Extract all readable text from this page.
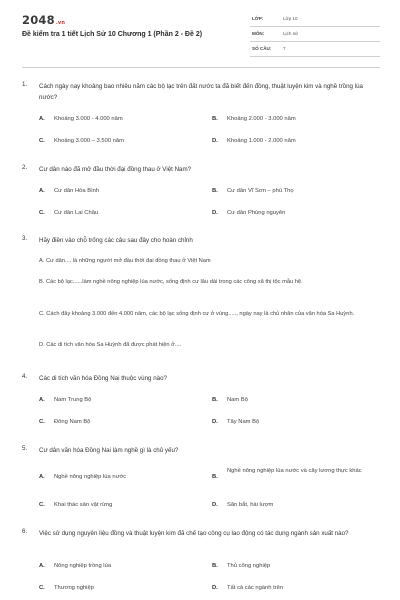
2048.vn
Đề kiểm tra 1 tiết Lịch Sử 10 Chương 1 (Phần 2 - Đề 2)
LỚP:	Lớp 10
MÔN:	Lịch sử
SỐ CÂU:	7
1. Cách ngày nay khoảng bao nhiêu năm các bộ lạc trên đất nước ta đã biết đến đồng, thuật luyện kim và nghề trồng lúa nước?
A. Khoảng 3.000 - 4.000 năm	B. Khoảng 2.000 - 3.000 năm
C. Khoảng 3.000 – 3.500 năm	D. Khoảng 1.000 - 2.000 năm
2. Cư dân nào đã mở đầu thời đại đồng thau ở Việt Nam?
A. Cư dân Hòa Bình	B. Cư dân Vĩ Sơn – phú Thọ
C. Cư dân Lai Châu	D. Cư dân Phùng nguyên
3. Hãy điền vào chỗ trống các câu sau đây cho hoàn chỉnh
A. Cư dân.... là những người mở đầu thời đại đồng thau ở Việt Nam
B. Các bộ lạc......làm nghề nông nghiệp lúa nước, sống định cư lâu dài trong các công xã thị tộc mẫu hệ.
C. Cách đây khoảng 3.000 đến 4.000 năm, các bộ lạc sống định cư ở vùng....., ngày nay là chủ nhân của văn hóa Sa Huỳnh.
D. Các di tích văn hóa Sa Huỳnh đã được phát hiện ở....
4. Các di tích văn hóa Đồng Nai thuộc vùng nào?
A. Nam Trung Bộ	B. Nam Bộ
C. Đông Nam Bộ	D. Tây Nam Bộ
5. Cư dân văn hóa Đồng Nai làm nghề gì là chủ yếu?
A. Nghề nông nghiệp lúa nước	B.
Nghề nông nghiệp lúa nước và cây lương thực khác
C. Khai thác sản vật rừng	D. Săn bắt, hái lượm
6. Việc sử dụng nguyên liệu đồng và thuật luyện kim đã chế tạo công cụ lao động có tác dụng ngành sản xuất nào?
A. Nông nghiệp trồng lúa	B. Thủ công nghiệp
C. Thương nghiệp	D. Tất cả các ngành trên
